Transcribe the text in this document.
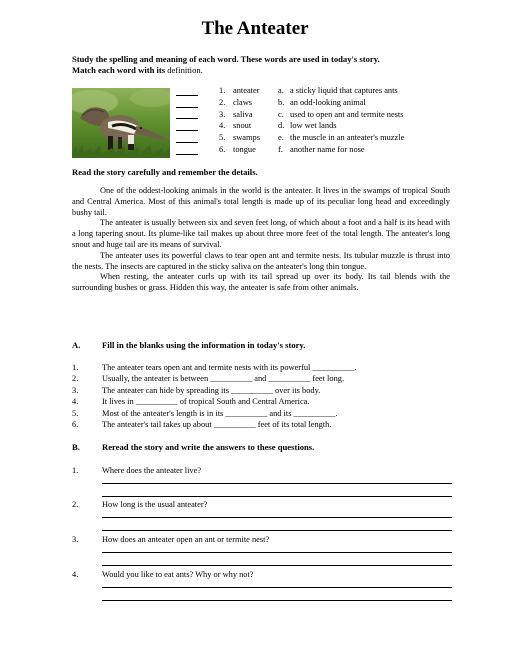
The Anteater
Study the spelling and meaning of each word. These words are used in today's story.
Match each word with its definition.
1. anteater a. a sticky liquid that captures ants
2. claws	b. an odd-looking animal
3. saliva	c. used to open ant and termite nests
4. snout	d. low wet lands
5. swamps e. the muscle in an anteater's muzzle
6. tongue	f. another name for nose
Read the story carefully and remember the details.

One of the oddest-looking animals in the world is the anteater. It lives in the swamps of tropical South and Central America. Most of this animal's total length is made up of its peculiar long head and exceedingly bushy tail.

The anteater is usually between six and seven feet long, of which about a foot and a half is its head with a long tapering snout. Its plume-like tail makes up about three more feet of the total length. The anteater's long snout and huge tail are its means of survival.

The anteater uses its powerful claws to tear open ant and termite nests. Its tubular muzzle is thrust into the nests. The insects are captured in the sticky saliva on the anteater's long thin tongue.

When resting, the anteater curls up with its tail spread up over its body. Its tail blends with the surrounding bushes or grass. Hidden this way, the anteater is safe from other animals.

A.	Fill in the blanks using the information in today's story.
1.	The anteater tears open ant and termite nests with its powerful __________.
2.	Usually, the anteater is between __________ and __________ feet long.
3.	The anteater can hide by spreading its __________ over its body.
4.	It lives in __________ of tropical South and Central America.
5.	Most of the anteater's length is in its __________ and its __________.
6.	The anteater's tail takes up about __________ feet of its total length.
B.	Reread the story and write the answers to these questions.
1.	Where does the anteater live?
2.	How long is the usual anteater?
3.	How does an anteater open an ant or termite nest?
4.	Would you like to eat ants? Why or why not?
